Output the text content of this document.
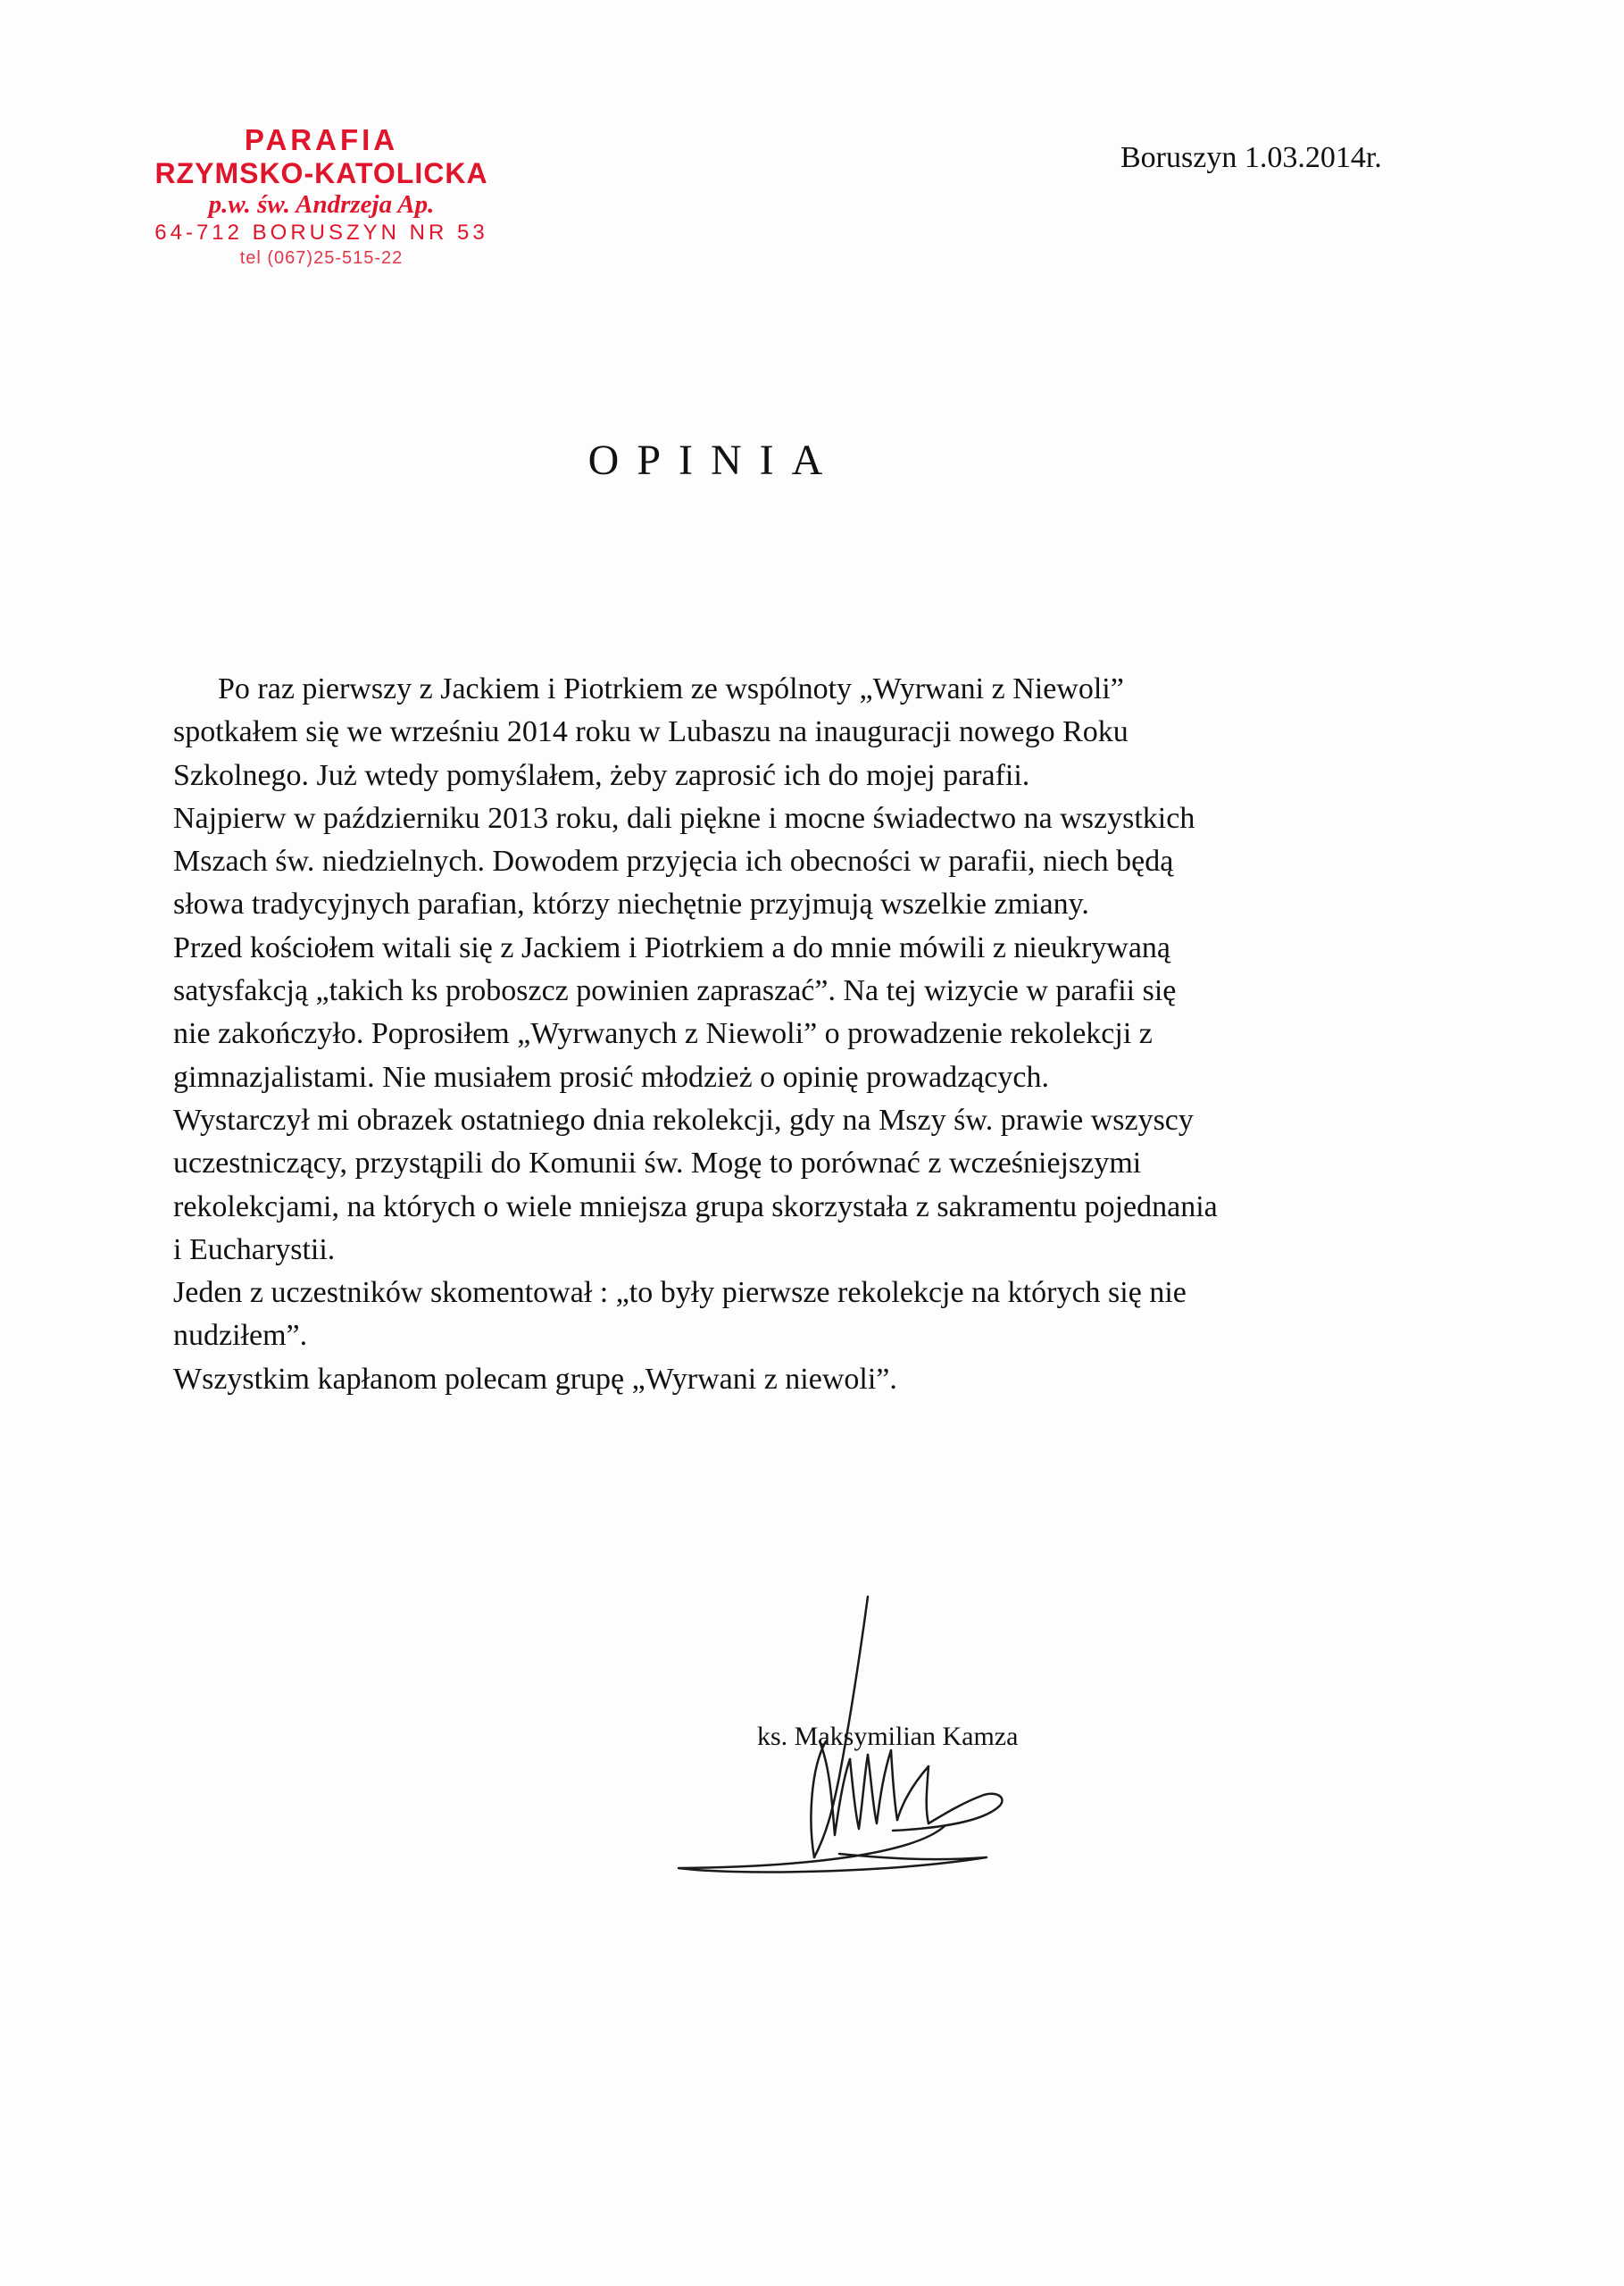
PARAFIA
RZYMSKO-KATOLICKA
p.w. św. Andrzeja Ap.
64-712 BORUSZYN NR 53
tel (067)25-515-22
Boruszyn 1.03.2014r.
OPINIA
Po raz pierwszy z Jackiem i Piotrkiem ze wspólnoty „Wyrwani z Niewoli”
spotkałem się we wrześniu 2014 roku w Lubaszu na inauguracji nowego Roku
Szkolnego. Już wtedy pomyślałem, żeby zaprosić ich do mojej parafii.
Najpierw w październiku 2013 roku, dali piękne i mocne świadectwo na wszystkich
Mszach św. niedzielnych. Dowodem przyjęcia ich obecności w parafii, niech będą
słowa tradycyjnych parafian, którzy niechętnie przyjmują wszelkie zmiany.
Przed kościołem witali się z Jackiem i Piotrkiem a do mnie mówili z nieukrywaną
satysfakcją „takich ks proboszcz powinien zapraszać”. Na tej wizycie w parafii się
nie zakończyło. Poprosiłem „Wyrwanych z Niewoli” o prowadzenie rekolekcji z
gimnazjalistami. Nie musiałem prosić młodzież o opinię prowadzących.
Wystarczył mi obrazek ostatniego dnia rekolekcji, gdy na Mszy św. prawie wszyscy
uczestniczący, przystąpili do Komunii św. Mogę to porównać z wcześniejszymi
rekolekcjami, na których o wiele mniejsza grupa skorzystała z sakramentu pojednania
i Eucharystii.
Jeden z uczestników skomentował : „to były pierwsze rekolekcje na których się nie
nudziłem”.
Wszystkim kapłanom polecam grupę „Wyrwani z niewoli”.
ks. Maksymilian Kamza
